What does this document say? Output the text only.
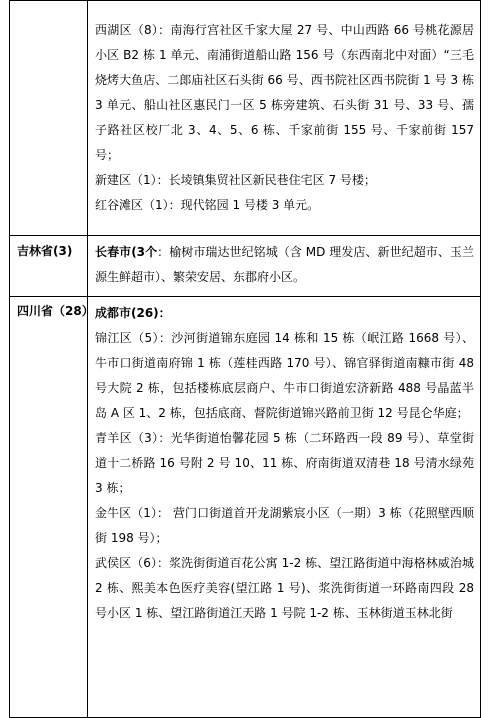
	西湖区（8）：南海行宫社区千家大屋 27 号、中山西路 66 号桃花源居小区 B2 栋 1 单元、南浦街道船山路 156 号（东西南北中对面）“三毛烧烤大鱼店、二郎庙社区石头街 66 号、西书院社区西书院街 1 号 3 栋 3 单元、船山社区惠民门一区 5 栋旁建筑、石头街 31 号、33 号、孺子路社区校厂北 3、4、5、6 栋、千家前街 155 号、千家前街 157 号；
新建区（1）：长堎镇集贸社区新民巷住宅区 7 号楼；
红谷滩区（1）：现代铭园 1 号楼 3 单元。

吉林省(3)	长春市(3个：榆树市瑞达世纪铭城（含 MD 理发店、新世纪超市、玉兰源生鲜超市）、繁荣安居、东郡府小区。

四川省（28）	成都市(26)：
锦江区（5）：沙河街道锦东庭园 14 栋和 15 栋（岷江路 1668 号）、牛市口街道南府锦 1 栋（莲桂西路 170 号）、锦官驿街道南糠市街 48 号大院 2 栋，包括楼栋底层商户、牛市口街道宏济新路 488 号晶蓝半岛 A 区 1、2 栋，包括底商、督院街道锦兴路前卫街 12 号昆仑华庭；
青羊区（3）：光华街道怡馨花园 5 栋（二环路西一段 89 号）、草堂街道十二桥路 16 号附 2 号 10、11 栋、府南街道双清巷 18 号清水绿苑 3 栋；
金牛区（1）： 营门口街道首开龙湖紫宸小区（一期）3 栋（花照壁西顺街 198 号）；
武侯区（6）：浆洗街街道百花公寓 1-2 栋、望江路街道中海格林威治城 2 栋、熙美本色医疗美容(望江路 1 号)、浆洗街街道一环路南四段 28 号小区 1 栋、望江路街道江天路 1 号院 1-2 栋、玉林街道玉林北街
